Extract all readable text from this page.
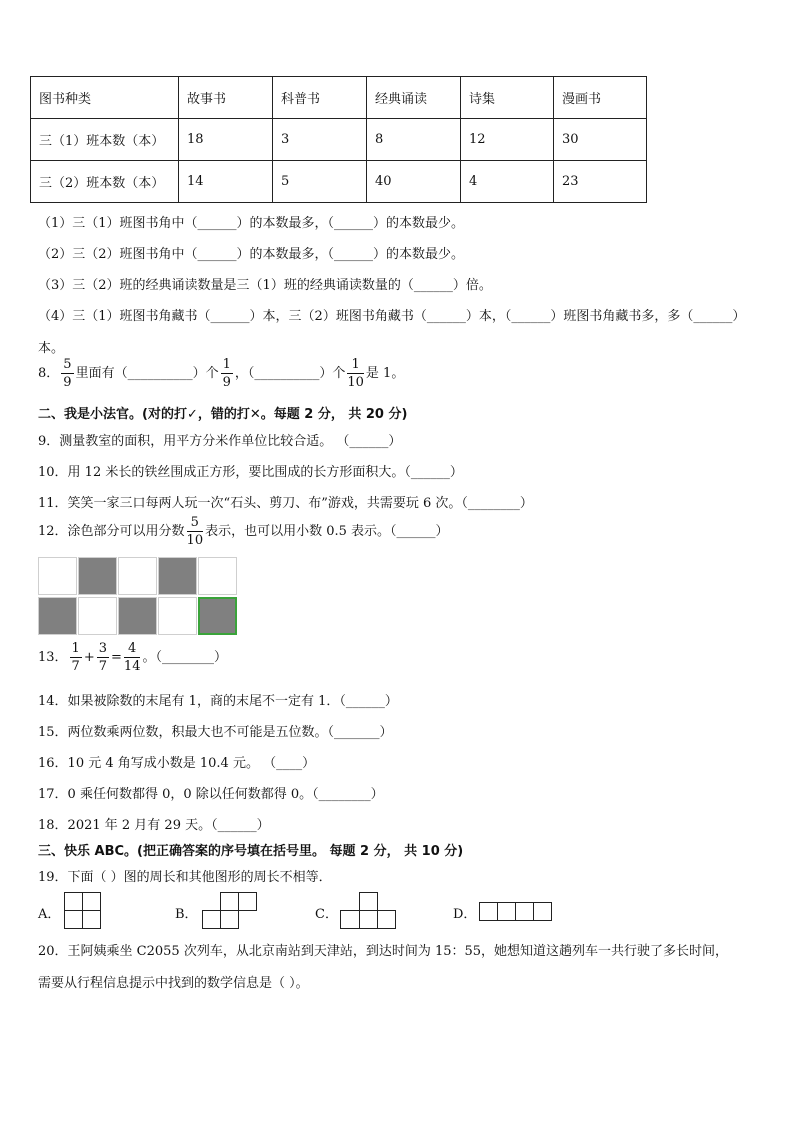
图书种类	故事书	科普书	经典诵读	诗集	漫画书
三（1）班本数（本）	18	3	8	12	30
三（2）班本数（本）	14	5	40	4	23
（1）三（1）班图书角中（______）的本数最多，（______）的本数最少。
（2）三（2）班图书角中（______）的本数最多，（______）的本数最少。
（3）三（2）班的经典诵读数量是三（1）班的经典诵读数量的（______）倍。
（4）三（1）班图书角藏书（______）本，三（2）班图书角藏书（______）本，（______）班图书角藏书多，多（______）
本。
8． $\frac{5}{9}$ 里面有（__________）个 $\frac{1}{9}$ ，（__________）个 $\frac{1}{10}$ 是 1。
二、我是小法官。(对的打✓，错的打✕。每题 2 分， 共 20 分)
9．测量教室的面积，用平方分米作单位比较合适。 （______）
10．用 12 米长的铁丝围成正方形，要比围成的长方形面积大。（______）
11．笑笑一家三口每两人玩一次“石头、剪刀、布”游戏，共需要玩 6 次。（________）
12．涂色部分可以用分数 $\frac{5}{10}$ 表示，也可以用小数 0.5 表示。（______）
13． $\frac{1}{7} + \frac{3}{7} = \frac{4}{14}$ 。（________）
14．如果被除数的末尾有 1，商的末尾不一定有 1．（______）
15．两位数乘两位数，积最大也不可能是五位数。（_______）
16．10 元 4 角写成小数是 10.4 元。 （____）
17．0 乘任何数都得 0，0 除以任何数都得 0。（________）
18．2021 年 2 月有 29 天。（______）
三、快乐 ABC。(把正确答案的序号填在括号里。 每题 2 分， 共 10 分)
19．下面（ ）图的周长和其他图形的周长不相等．
A．	B．	C．	D．
20．王阿姨乘坐 C2055 次列车，从北京南站到天津站，到达时间为 15：55，她想知道这趟列车一共行驶了多长时间，
需要从行程信息提示中找到的数学信息是（ ）。
